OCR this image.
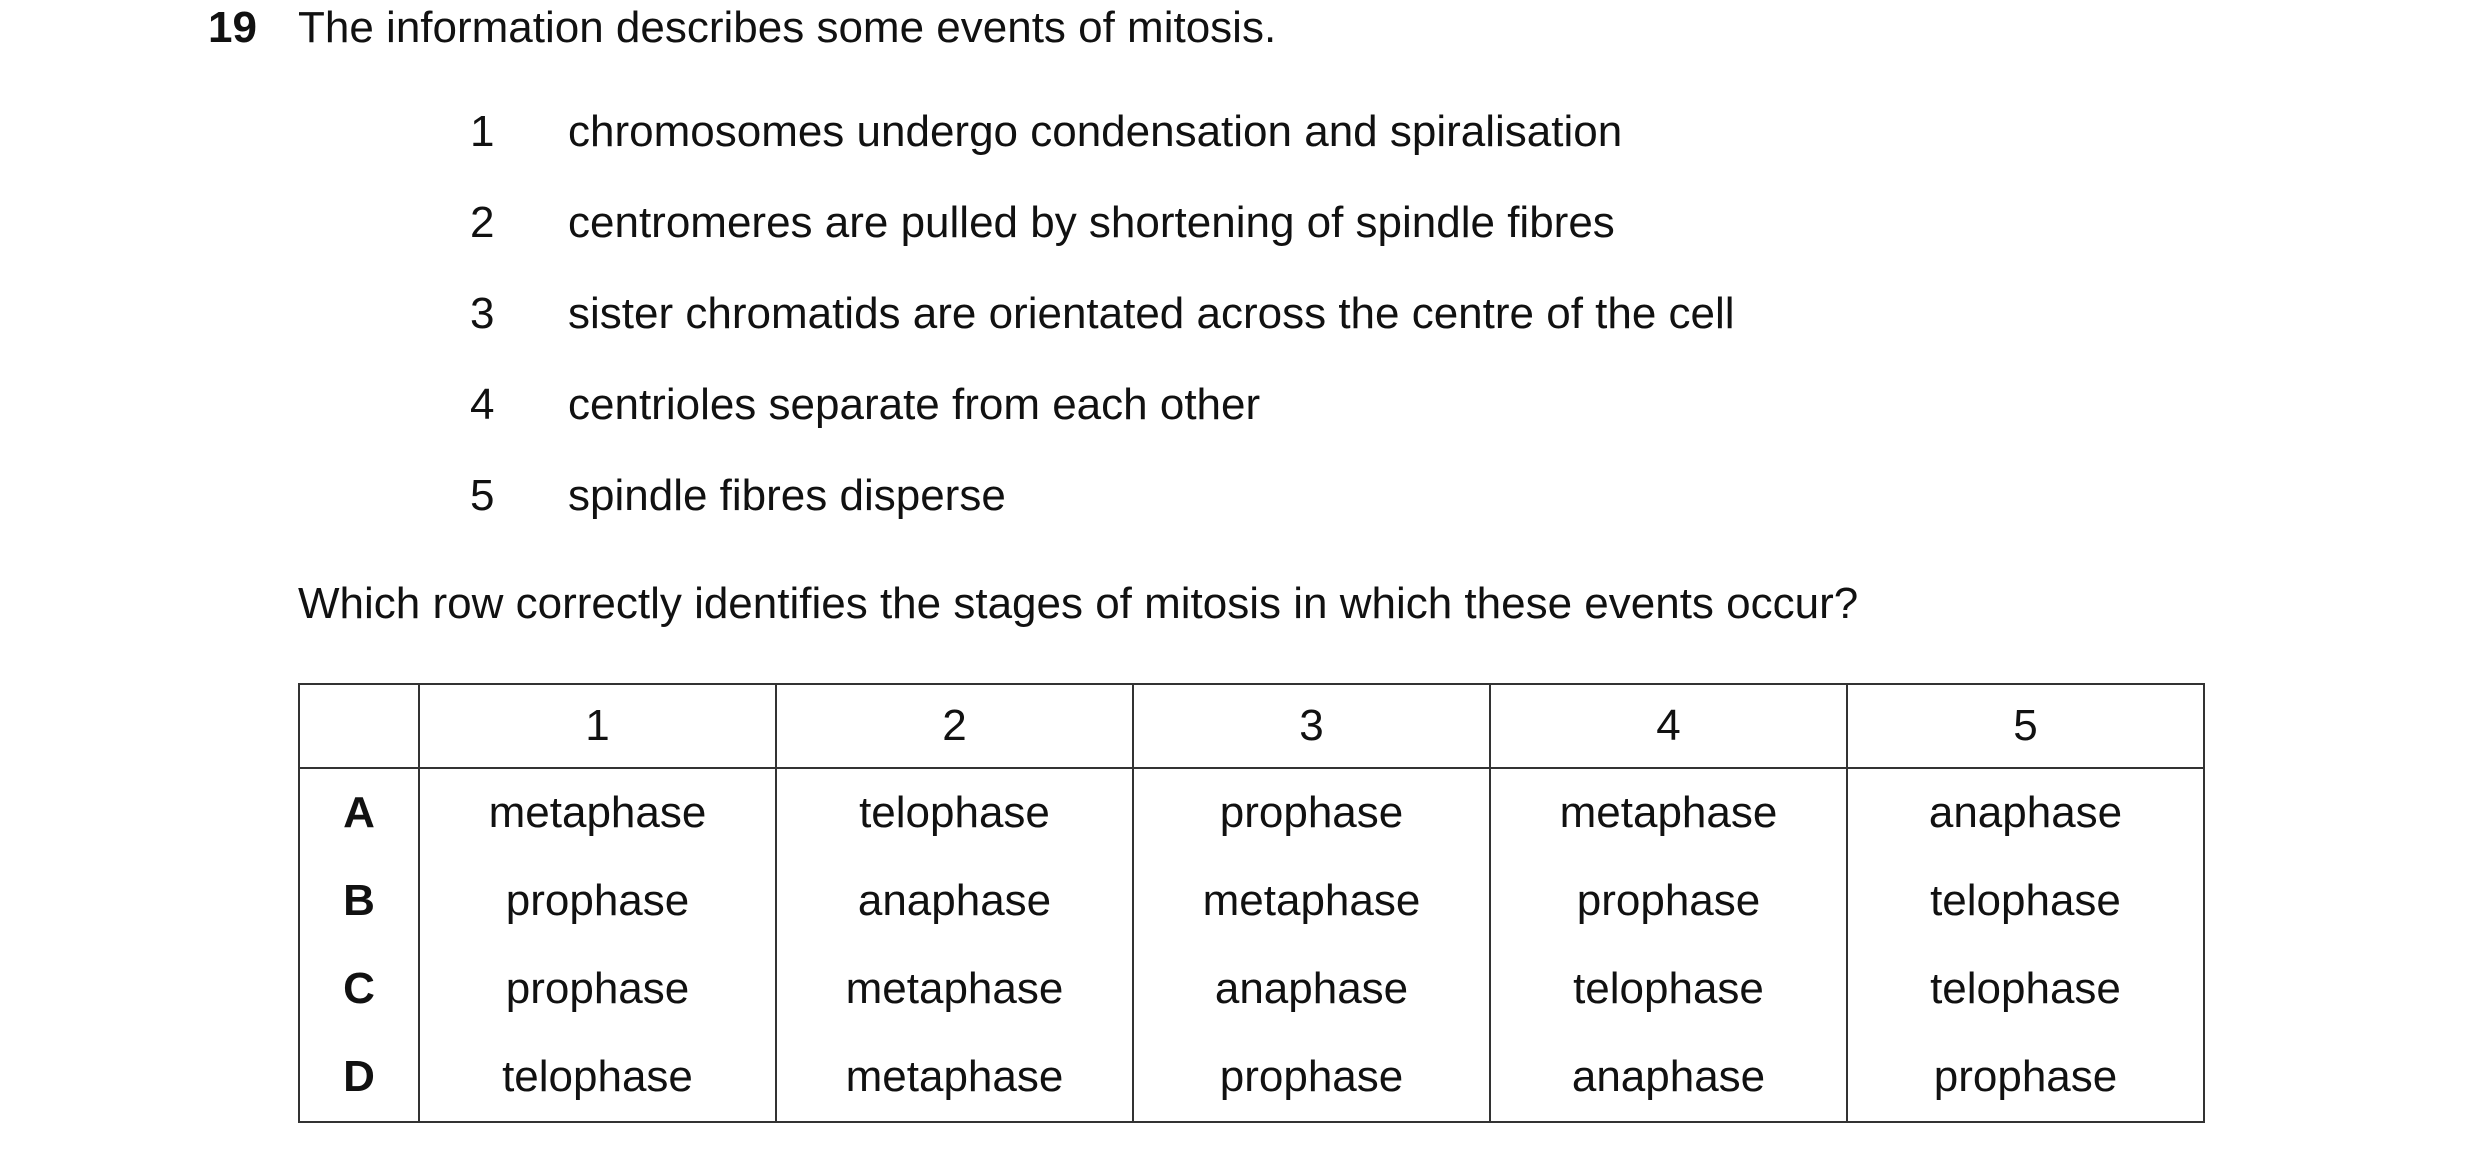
19 The information describes some events of mitosis.
1	chromosomes undergo condensation and spiralisation
2	centromeres are pulled by shortening of spindle fibres
3	sister chromatids are orientated across the centre of the cell
4	centrioles separate from each other
5	spindle fibres disperse
Which row correctly identifies the stages of mitosis in which these events occur?
	1	2	3	4	5
A	metaphase	telophase	prophase	metaphase	anaphase
B	prophase	anaphase	metaphase	prophase	telophase
C	prophase	metaphase	anaphase	telophase	telophase
D	telophase	metaphase	prophase	anaphase	prophase
